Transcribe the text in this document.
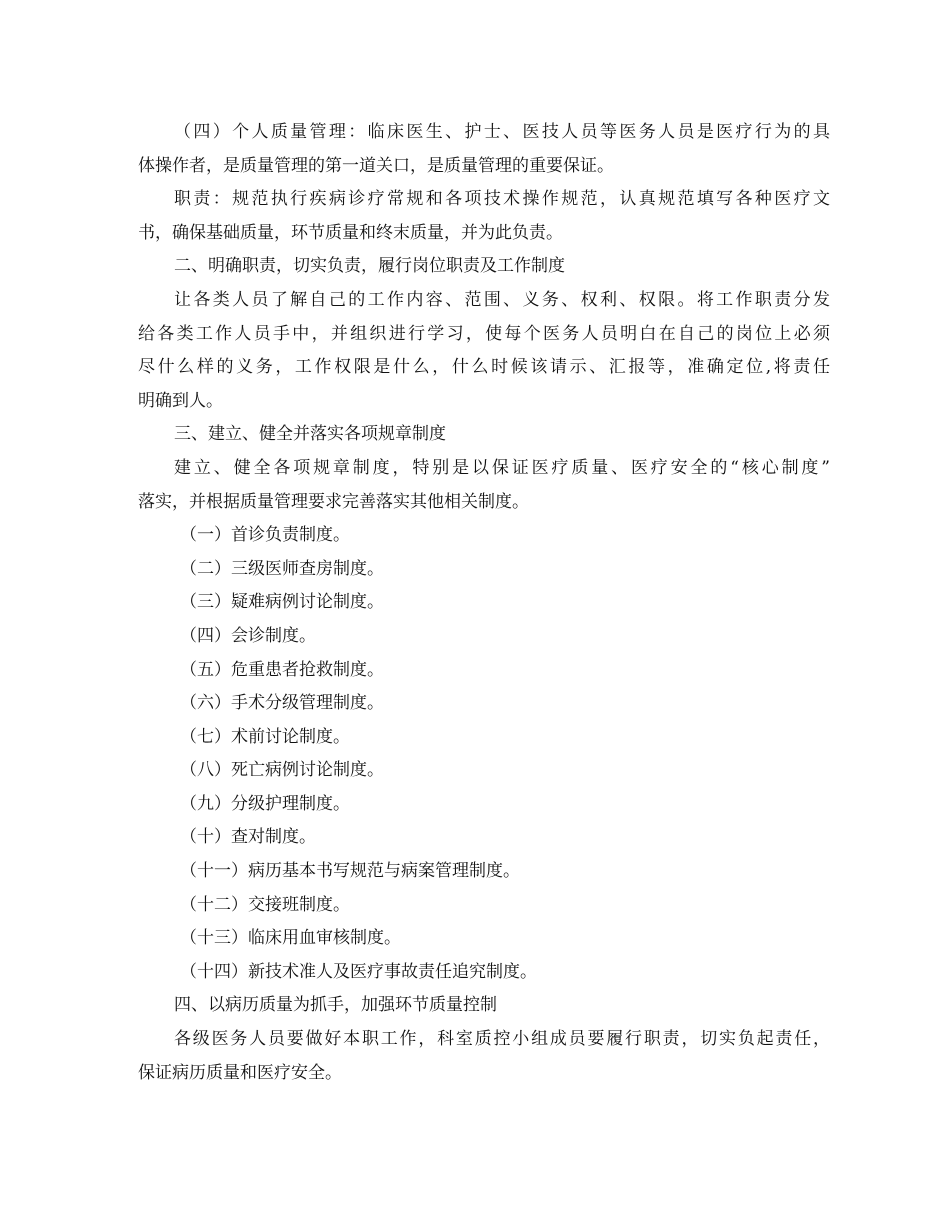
（四）个人质量管理：临床医生、护士、医技人员等医务人员是医疗行为的具
体操作者，是质量管理的第一道关口，是质量管理的重要保证。
职责：规范执行疾病诊疗常规和各项技术操作规范，认真规范填写各种医疗文
书，确保基础质量，环节质量和终末质量，并为此负责。
二、明确职责，切实负责，履行岗位职责及工作制度
让各类人员了解自己的工作内容、范围、义务、权利、权限。将工作职责分发
给各类工作人员手中，并组织进行学习，使每个医务人员明白在自己的岗位上必须
尽什么样的义务，工作权限是什么，什么时候该请示、汇报等，准确定位,将责任
明确到人。
三、建立、健全并落实各项规章制度
建立、健全各项规章制度，特别是以保证医疗质量、医疗安全的“核心制度”
落实，并根据质量管理要求完善落实其他相关制度。
（一）首诊负责制度。
（二）三级医师查房制度。
（三）疑难病例讨论制度。
（四）会诊制度。
（五）危重患者抢救制度。
（六）手术分级管理制度。
（七）术前讨论制度。
（八）死亡病例讨论制度。
（九）分级护理制度。
（十）查对制度。
（十一）病历基本书写规范与病案管理制度。
（十二）交接班制度。
（十三）临床用血审核制度。
（十四）新技术准人及医疗事故责任追究制度。
四、以病历质量为抓手，加强环节质量控制
各级医务人员要做好本职工作，科室质控小组成员要履行职责，切实负起责任，
保证病历质量和医疗安全。
